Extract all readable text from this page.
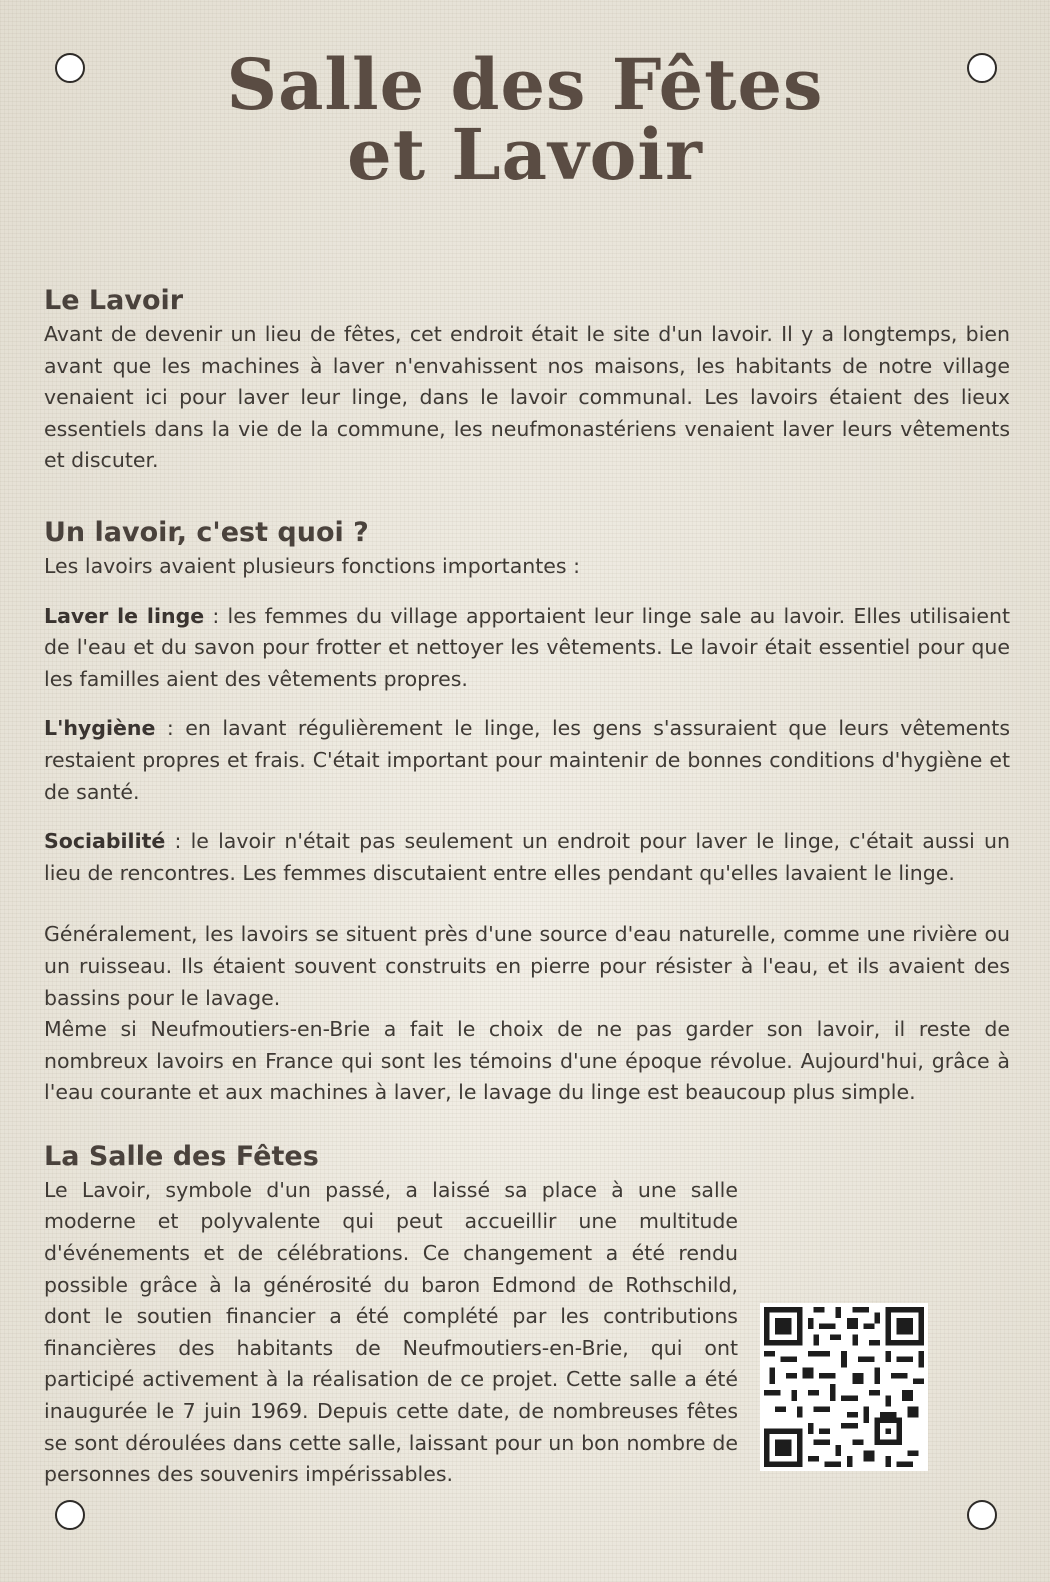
Salle des Fêtes
et Lavoir
Le Lavoir

Avant de devenir un lieu de fêtes, cet endroit était le site d'un lavoir. Il y a longtemps, bien avant que les machines à laver n'envahissent nos maisons, les habitants de notre village venaient ici pour laver leur linge, dans le lavoir communal. Les lavoirs étaient des lieux essentiels dans la vie de la commune, les neufmonastériens venaient laver leurs vêtements et discuter.

Un lavoir, c'est quoi ?

Les lavoirs avaient plusieurs fonctions importantes :

Laver le linge : les femmes du village apportaient leur linge sale au lavoir. Elles utilisaient de l'eau et du savon pour frotter et nettoyer les vêtements. Le lavoir était essentiel pour que les familles aient des vêtements propres.

L'hygiène : en lavant régulièrement le linge, les gens s'assuraient que leurs vêtements restaient propres et frais. C'était important pour maintenir de bonnes conditions d'hygiène et de santé.

Sociabilité : le lavoir n'était pas seulement un endroit pour laver le linge, c'était aussi un lieu de rencontres. Les femmes discutaient entre elles pendant qu'elles lavaient le linge.

Généralement, les lavoirs se situent près d'une source d'eau naturelle, comme une rivière ou un ruisseau. Ils étaient souvent construits en pierre pour résister à l'eau, et ils avaient des bassins pour le lavage.

Même si Neufmoutiers-en-Brie a fait le choix de ne pas garder son lavoir, il reste de nombreux lavoirs en France qui sont les témoins d'une époque révolue. Aujourd'hui, grâce à l'eau courante et aux machines à laver, le lavage du linge est beaucoup plus simple.

La Salle des Fêtes

Le Lavoir, symbole d'un passé, a laissé sa place à une salle moderne et polyvalente qui peut accueillir une multitude d'événements et de célébrations. Ce changement a été rendu possible grâce à la générosité du baron Edmond de Rothschild, dont le soutien financier a été complété par les contributions financières des habitants de Neufmoutiers-en-Brie, qui ont participé activement à la réalisation de ce projet. Cette salle a été inaugurée le 7 juin 1969. Depuis cette date, de nombreuses fêtes se sont déroulées dans cette salle, laissant pour un bon nombre de personnes des souvenirs impérissables.
